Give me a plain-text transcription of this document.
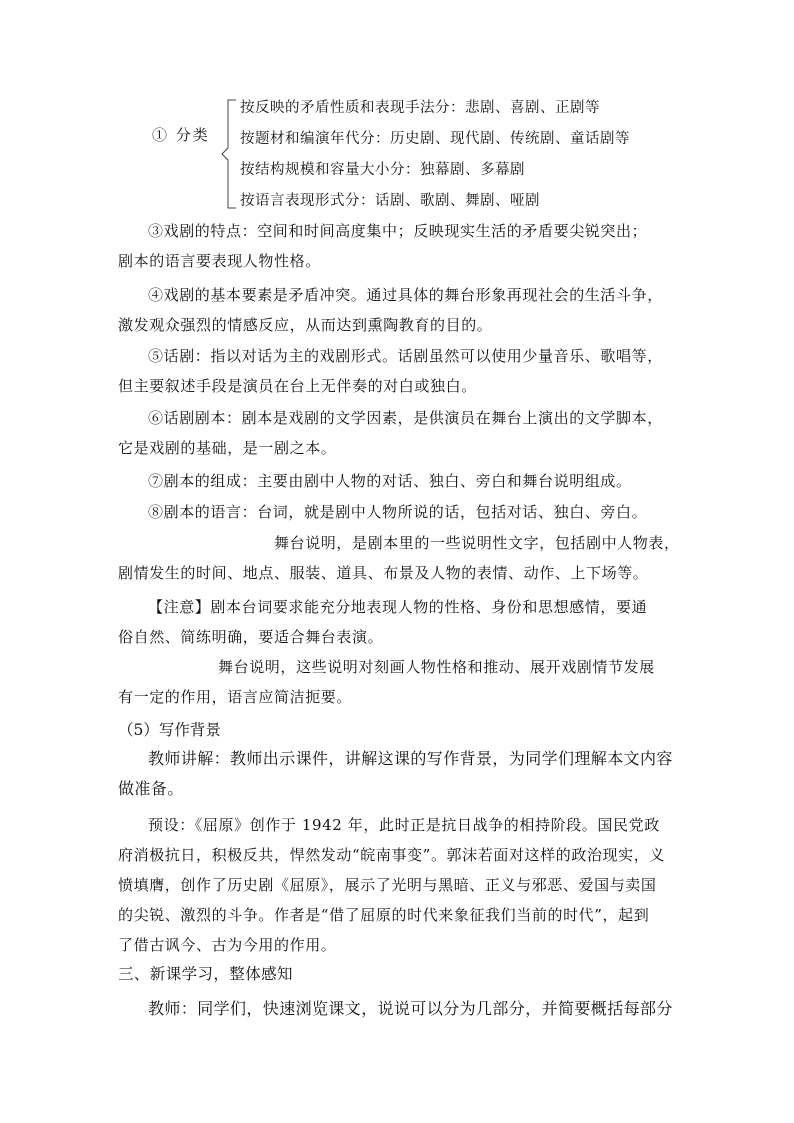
① 分类
按反映的矛盾性质和表现手法分：悲剧、喜剧、正剧等
按题材和编演年代分：历史剧、现代剧、传统剧、童话剧等
按结构规模和容量大小分：独幕剧、多幕剧
按语言表现形式分：话剧、歌剧、舞剧、哑剧
③戏剧的特点：空间和时间高度集中；反映现实生活的矛盾要尖锐突出；
剧本的语言要表现人物性格。
④戏剧的基本要素是矛盾冲突。通过具体的舞台形象再现社会的生活斗争，
激发观众强烈的情感反应，从而达到熏陶教育的目的。
⑤话剧：指以对话为主的戏剧形式。话剧虽然可以使用少量音乐、歌唱等，
但主要叙述手段是演员在台上无伴奏的对白或独白。
⑥话剧剧本：剧本是戏剧的文学因素，是供演员在舞台上演出的文学脚本，
它是戏剧的基础，是一剧之本。
⑦剧本的组成：主要由剧中人物的对话、独白、旁白和舞台说明组成。
⑧剧本的语言：台词，就是剧中人物所说的话，包括对话、独白、旁白。
舞台说明，是剧本里的一些说明性文字，包括剧中人物表，
剧情发生的时间、地点、服装、道具、布景及人物的表情、动作、上下场等。
【注意】剧本台词要求能充分地表现人物的性格、身份和思想感情，要通
俗自然、简练明确，要适合舞台表演。
舞台说明，这些说明对刻画人物性格和推动、展开戏剧情节发展
有一定的作用，语言应简洁扼要。
（5）写作背景
教师讲解：教师出示课件，讲解这课的写作背景，为同学们理解本文内容
做准备。
预设：《屈原》创作于 1942 年，此时正是抗日战争的相持阶段。国民党政
府消极抗日，积极反共，悍然发动“皖南事变”。郭沫若面对这样的政治现实，义
愤填膺，创作了历史剧《屈原》，展示了光明与黑暗、正义与邪恶、爱国与卖国
的尖锐、激烈的斗争。作者是“借了屈原的时代来象征我们当前的时代”，起到
了借古讽今、古为今用的作用。
三、新课学习，整体感知
教师：同学们，快速浏览课文，说说可以分为几部分，并简要概括每部分
